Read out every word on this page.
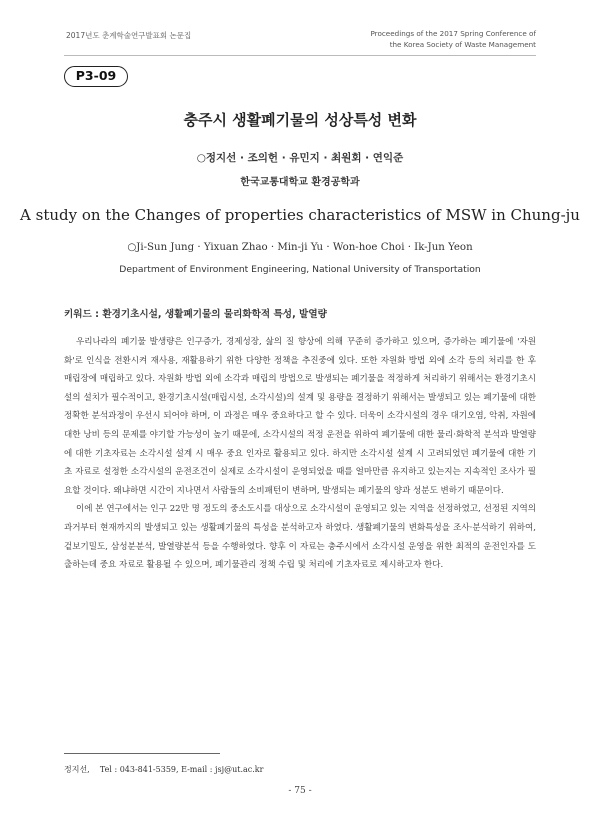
2017년도 춘계학술연구발표회 논문집	Proceedings of the 2017 Spring Conference of
the Korea Society of Waste Management
P3-09
충주시 생활폐기물의 성상특성 변화
○정지선 · 조의헌 · 유민지 · 최원회 · 연익준
한국교통대학교 환경공학과
A study on the Changes of properties characteristics of MSW in Chung-ju
○Ji-Sun Jung · Yixuan Zhao · Min-ji Yu · Won-hoe Choi · Ik-Jun Yeon
Department of Environment Engineering, National University of Transportation
키워드 : 환경기초시설, 생활폐기물의 물리화학적 특성, 발열량

우리나라의 폐기물 발생량은 인구증가, 경제성장, 삶의 질 향상에 의해 꾸준히 증가하고 있으며, 증가하는 폐기물에 '자원화'로 인식을 전환시켜 재사용, 재활용하기 위한 다양한 정책을 추진중에 있다. 또한 자원화 방법 외에 소각 등의 처리를 한 후 매립장에 매립하고 있다. 자원화 방법 외에 소각과 매립의 방법으로 발생되는 폐기물을 적정하게 처리하기 위해서는 환경기초시설의 설치가 필수적이고, 환경기초시설(매립시설, 소각시설)의 설계 및 용량을 결정하기 위해서는 발생되고 있는 폐기물에 대한 정확한 분석과정이 우선시 되어야 하며, 이 과정은 매우 중요하다고 할 수 있다. 더욱이 소각시설의 경우 대기오염, 악취, 자원에 대한 낭비 등의 문제를 야기할 가능성이 높기 때문에, 소각시설의 적정 운전을 위하여 폐기물에 대한 물리·화학적 분석과 발열량에 대한 기초자료는 소각시설 설계 시 매우 중요 인자로 활용되고 있다. 하지만 소각시설 설계 시 고려되었던 폐기물에 대한 기초 자료로 설정한 소각시설의 운전조건이 실제로 소각시설이 운영되었을 때를 얼마만큼 유지하고 있는지는 지속적인 조사가 필요할 것이다. 왜냐하면 시간이 지나면서 사람들의 소비패턴이 변하며, 발생되는 폐기물의 양과 성분도 변하기 때문이다.

이에 본 연구에서는 인구 22만 명 정도의 중소도시를 대상으로 소각시설이 운영되고 있는 지역을 선정하였고, 선정된 지역의 과거부터 현재까지의 발생되고 있는 생활폐기물의 특성을 분석하고자 하였다. 생활폐기물의 변화특성을 조사·분석하기 위하여, 겉보기밀도, 삼성분분석, 발열량분석 등을 수행하였다. 향후 이 자료는 충주시에서 소각시설 운영을 위한 최적의 운전인자를 도출하는데 중요 자료로 활용될 수 있으며, 폐기물관리 정책 수립 및 처리에 기초자료로 제시하고자 한다.

정지선,    Tel : 043-841-5359, E-mail : jsj@ut.ac.kr
- 75 -
